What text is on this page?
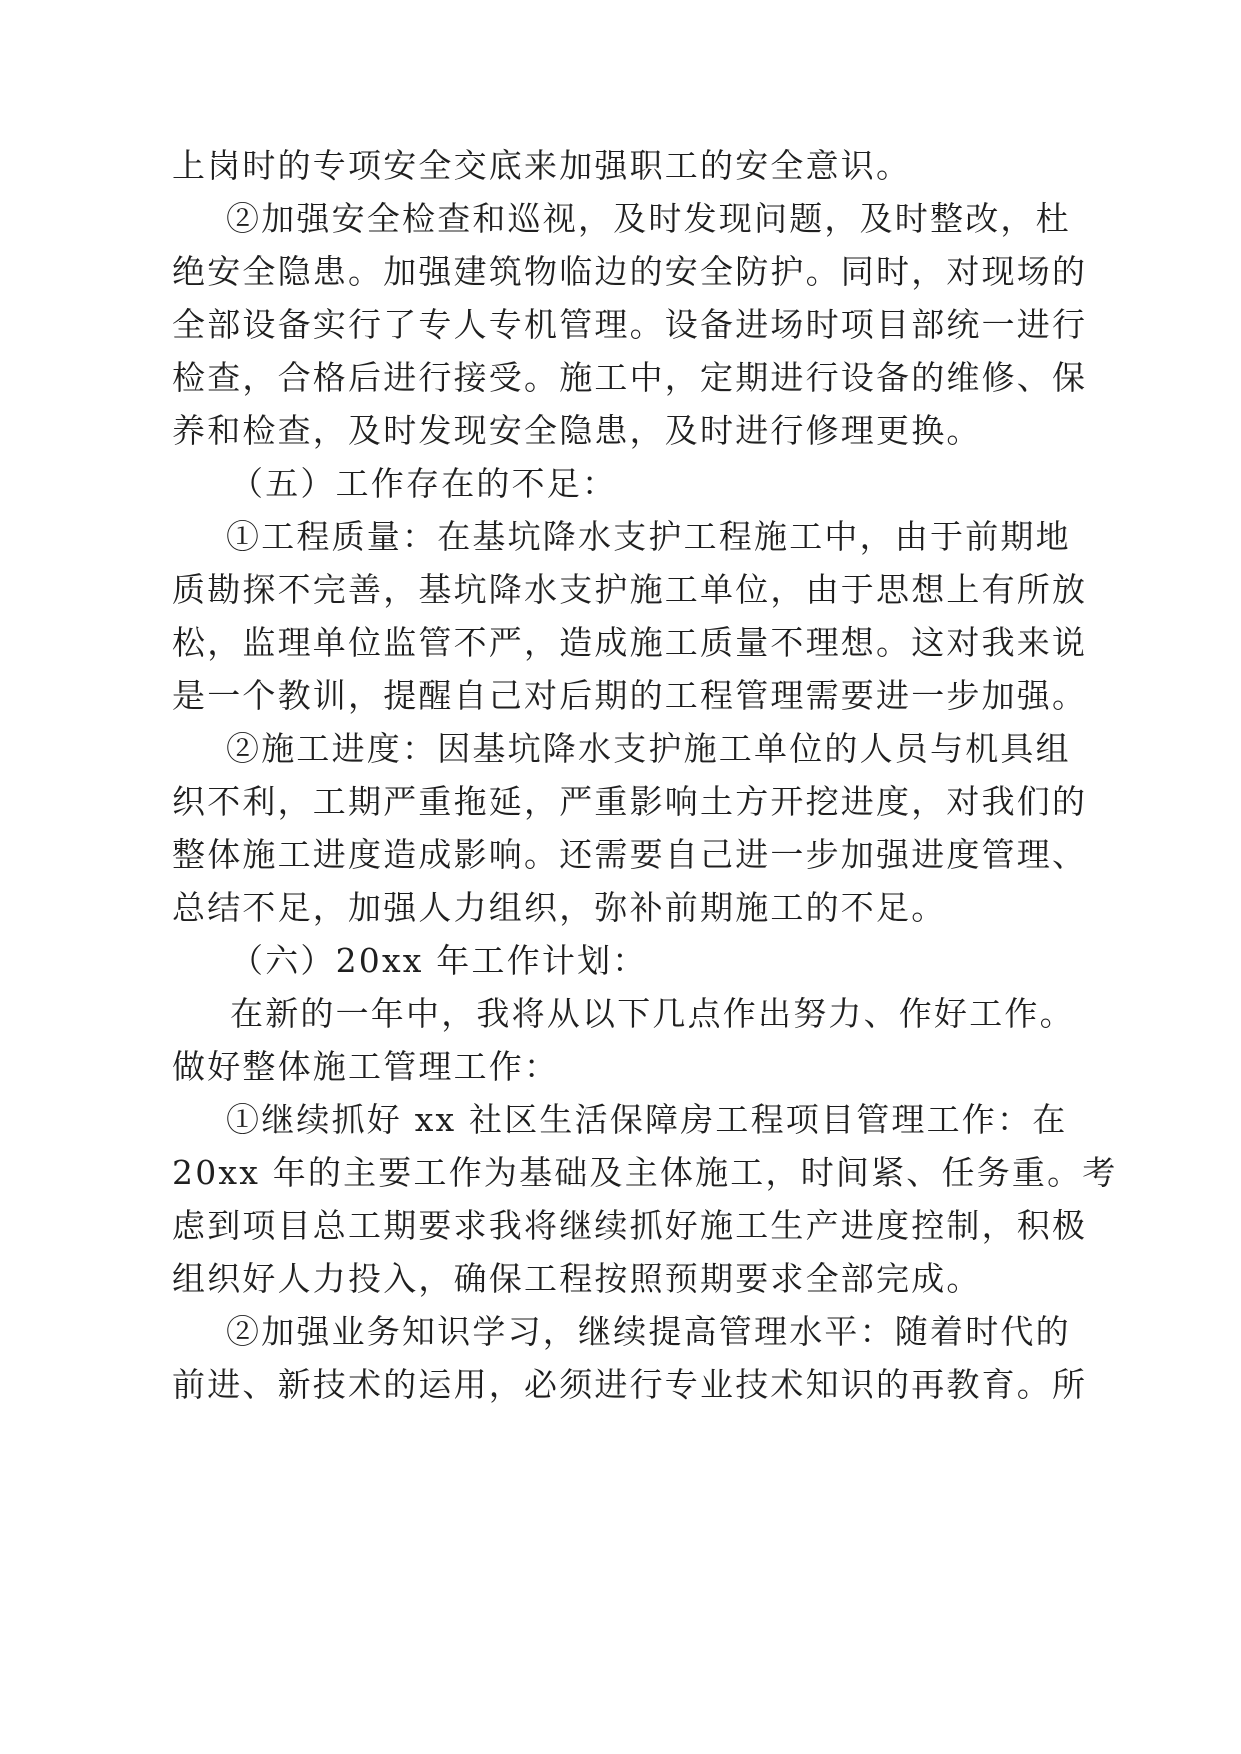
上岗时的专项安全交底来加强职工的安全意识。
②加强安全检查和巡视，及时发现问题，及时整改，杜
绝安全隐患。加强建筑物临边的安全防护。同时，对现场的
全部设备实行了专人专机管理。设备进场时项目部统一进行
检查，合格后进行接受。施工中，定期进行设备的维修、保
养和检查，及时发现安全隐患，及时进行修理更换。
（五）工作存在的不足：
①工程质量：在基坑降水支护工程施工中，由于前期地
质勘探不完善，基坑降水支护施工单位，由于思想上有所放
松，监理单位监管不严，造成施工质量不理想。这对我来说
是一个教训，提醒自己对后期的工程管理需要进一步加强。
②施工进度：因基坑降水支护施工单位的人员与机具组
织不利，工期严重拖延，严重影响土方开挖进度，对我们的
整体施工进度造成影响。还需要自己进一步加强进度管理、
总结不足，加强人力组织，弥补前期施工的不足。
（六）20xx 年工作计划：
在新的一年中，我将从以下几点作出努力、作好工作。
做好整体施工管理工作：
①继续抓好 xx 社区生活保障房工程项目管理工作：在
20xx 年的主要工作为基础及主体施工，时间紧、任务重。考
虑到项目总工期要求我将继续抓好施工生产进度控制，积极
组织好人力投入，确保工程按照预期要求全部完成。
②加强业务知识学习，继续提高管理水平：随着时代的
前进、新技术的运用，必须进行专业技术知识的再教育。所
